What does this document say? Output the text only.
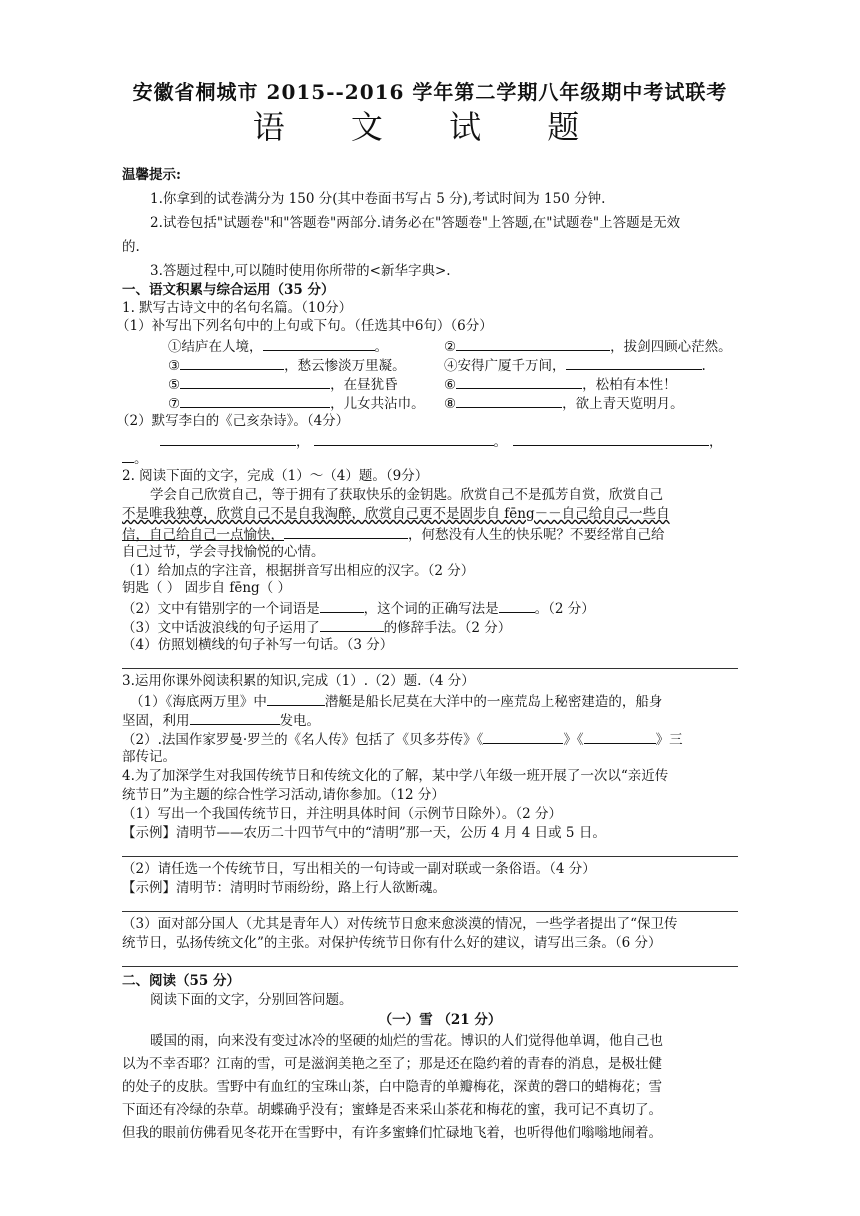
安徽省桐城市 2015--2016 学年第二学期八年级期中考试联考
语 文 试 题
温馨提示:
1.你拿到的试卷满分为 150 分(其中卷面书写占 5 分),考试时间为 150 分钟.
2.试卷包括"试题卷"和"答题卷"两部分.请务必在"答题卷"上答题,在"试题卷"上答题是无效
的.
3.答题过程中,可以随时使用你所带的<新华字典>.
一、语文积累与综合运用（35 分）
1. 默写古诗文中的名句名篇。（10分）
（1）补写出下列名句中的上句或下句。（任选其中6句）（6分）
①结庐在人境，	。	②	，拔剑四顾心茫然。
③	，愁云惨淡万里凝。	④安得广厦千万间，	.
⑤	，在昼犹昏	⑥	，松柏有本性！
⑦	，儿女共沾巾。 ⑧	，欲上青天览明月。
（2）默写李白的《己亥杂诗》。（4分）
，	。	，
。
2. 阅读下面的文字，完成（1）～（4）题。（9分）
学会自己欣赏自己，等于拥有了获取快乐的金钥匙。欣赏自己不是孤芳自赏，欣赏自己
不是唯我独尊，欣赏自己不是自我淘醉，欣赏自己更不是固步自 fēng－－自己给自己一些自
信，自己给自己一点愉快，	，何愁没有人生的快乐呢？不要经常自己给
自己过节，学会寻找愉悦的心情。
（1）给加点的字注音，根据拼音写出相应的汉字。（2 分）
钥匙（ ） 固步自 fēng（ ）
（2）文中有错别字的一个词语是	，这个词的正确写法是	。（2 分）
（3）文中话波浪线的句子运用了	的修辞手法。（2 分）
（4）仿照划横线的句子补写一句话。（3 分）
3.运用你课外阅读积累的知识,完成（1）.（2）题.（4 分）
（1）《海底两万里》中	潜艇是船长尼莫在大洋中的一座荒岛上秘密建造的，船身
坚固，利用	发电。
（2）.法国作家罗曼·罗兰的《名人传》包括了《贝多芬传》《	》《	》三
部传记。
4.为了加深学生对我国传统节日和传统文化的了解，某中学八年级一班开展了一次以“亲近传
统节日”为主题的综合性学习活动,请你参加。（12 分）
（1）写出一个我国传统节日，并注明具体时间（示例节日除外）。（2 分）
【示例】清明节——农历二十四节气中的“清明”那一天，公历 4 月 4 日或 5 日。
（2）请任选一个传统节日，写出相关的一句诗或一副对联或一条俗语。（4 分）
【示例】清明节：清明时节雨纷纷，路上行人欲断魂。
（3）面对部分国人（尤其是青年人）对传统节日愈来愈淡漠的情况，一些学者提出了“保卫传
统节日，弘扬传统文化”的主张。对保护传统节日你有什么好的建议，请写出三条。（6 分）
二、阅读（55 分）
阅读下面的文字，分别回答问题。
（一）雪 （21 分）
暖国的雨，向来没有变过冰冷的坚硬的灿烂的雪花。博识的人们觉得他单调，他自己也
以为不幸否耶？江南的雪，可是滋润美艳之至了；那是还在隐约着的青春的消息，是极壮健
的处子的皮肤。雪野中有血红的宝珠山茶，白中隐青的单瓣梅花，深黄的磬口的蜡梅花；雪
下面还有冷绿的杂草。胡蝶确乎没有；蜜蜂是否来采山茶花和梅花的蜜，我可记不真切了。
但我的眼前仿佛看见冬花开在雪野中，有许多蜜蜂们忙碌地飞着，也听得他们嗡嗡地闹着。
